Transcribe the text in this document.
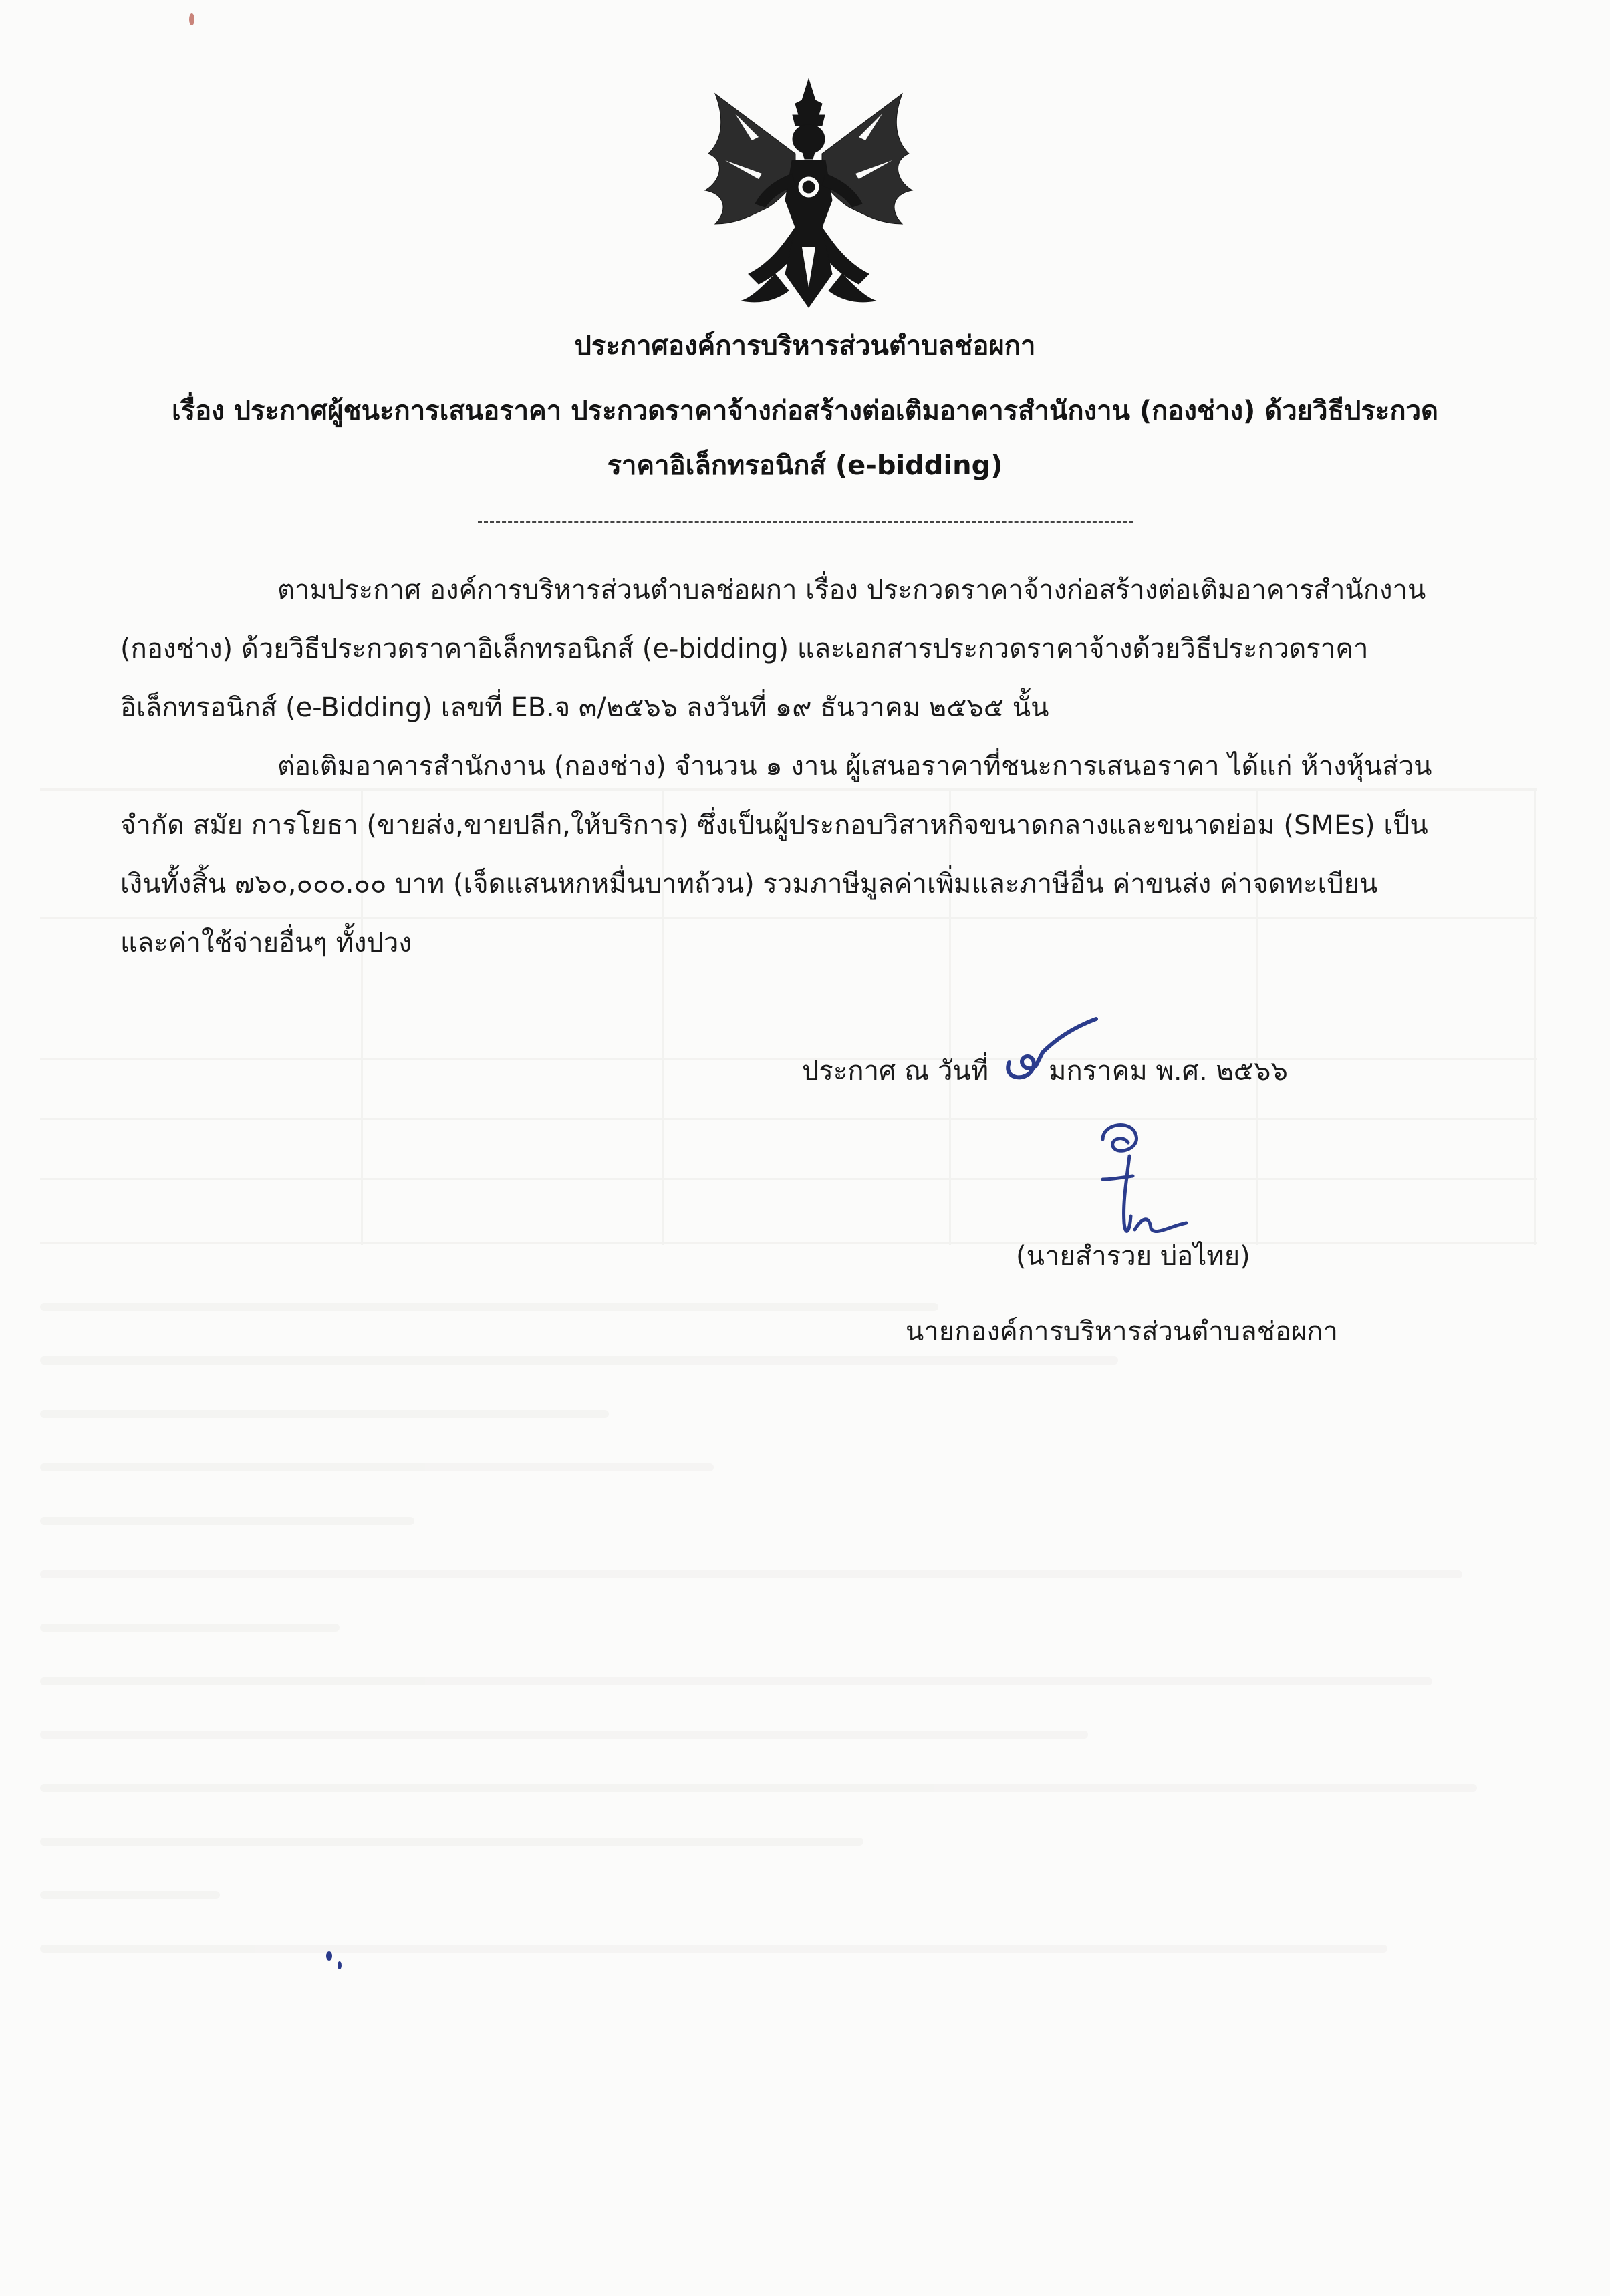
ประกาศองค์การบริหารส่วนตำบลช่อผกา
เรื่อง ประกาศผู้ชนะการเสนอราคา ประกวดราคาจ้างก่อสร้างต่อเติมอาคารสำนักงาน (กองช่าง) ด้วยวิธีประกวด
ราคาอิเล็กทรอนิกส์ (e-bidding)
ตามประกาศ องค์การบริหารส่วนตำบลช่อผกา เรื่อง ประกวดราคาจ้างก่อสร้างต่อเติมอาคารสำนักงาน
(กองช่าง) ด้วยวิธีประกวดราคาอิเล็กทรอนิกส์ (e-bidding) และเอกสารประกวดราคาจ้างด้วยวิธีประกวดราคา
อิเล็กทรอนิกส์ (e-Bidding) เลขที่ EB.จ ๓/๒๕๖๖ ลงวันที่ ๑๙ ธันวาคม ๒๕๖๕ นั้น
ต่อเติมอาคารสำนักงาน (กองช่าง) จำนวน ๑ งาน ผู้เสนอราคาที่ชนะการเสนอราคา ได้แก่ ห้างหุ้นส่วน
จำกัด สมัย การโยธา (ขายส่ง,ขายปลีก,ให้บริการ) ซึ่งเป็นผู้ประกอบวิสาหกิจขนาดกลางและขนาดย่อม (SMEs) เป็น
เงินทั้งสิ้น ๗๖๐,๐๐๐.๐๐ บาท (เจ็ดแสนหกหมื่นบาทถ้วน) รวมภาษีมูลค่าเพิ่มและภาษีอื่น ค่าขนส่ง ค่าจดทะเบียน
และค่าใช้จ่ายอื่นๆ ทั้งปวง
ประกาศ ณ วันที่ มกราคม พ.ศ. ๒๕๖๖
(นายสำรวย บ่อไทย)
นายกองค์การบริหารส่วนตำบลช่อผกา
